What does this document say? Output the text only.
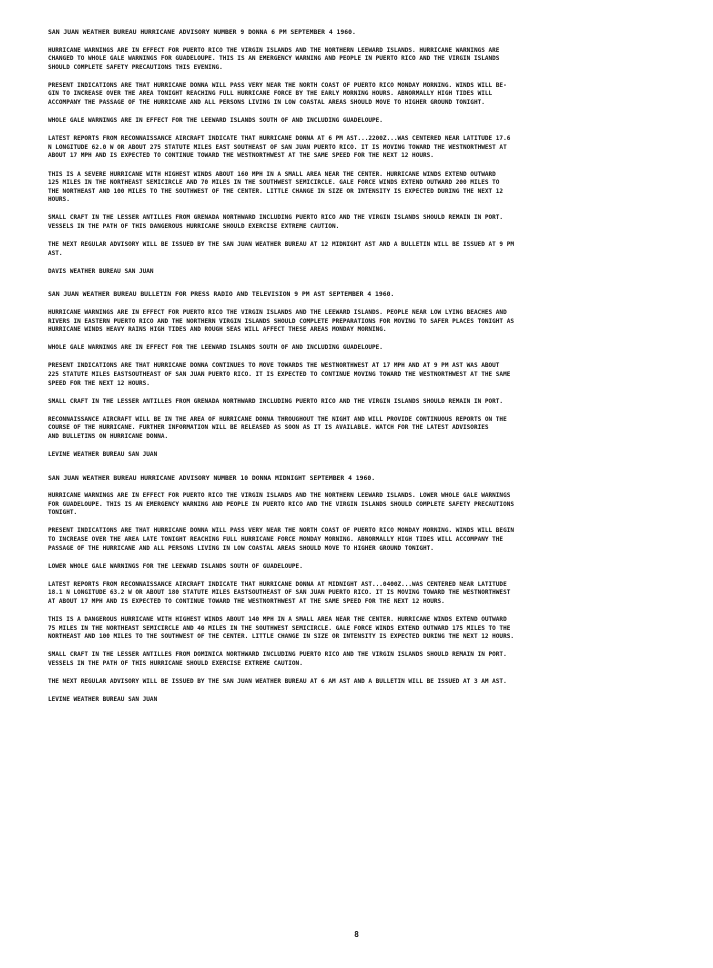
SAN JUAN WEATHER BUREAU HURRICANE ADVISORY NUMBER 9 DONNA 6 PM SEPTEMBER 4 1960.
HURRICANE WARNINGS ARE IN EFFECT FOR PUERTO RICO THE VIRGIN ISLANDS AND THE NORTHERN LEEWARD ISLANDS. HURRICANE WARNINGS ARE
CHANGED TO WHOLE GALE WARNINGS FOR GUADELOUPE. THIS IS AN EMERGENCY WARNING AND PEOPLE IN PUERTO RICO AND THE VIRGIN ISLANDS
SHOULD COMPLETE SAFETY PRECAUTIONS THIS EVENING.
PRESENT INDICATIONS ARE THAT HURRICANE DONNA WILL PASS VERY NEAR THE NORTH COAST OF PUERTO RICO MONDAY MORNING. WINDS WILL BE-
GIN TO INCREASE OVER THE AREA TONIGHT REACHING FULL HURRICANE FORCE BY THE EARLY MORNING HOURS. ABNORMALLY HIGH TIDES WILL
ACCOMPANY THE PASSAGE OF THE HURRICANE AND ALL PERSONS LIVING IN LOW COASTAL AREAS SHOULD MOVE TO HIGHER GROUND TONIGHT.
WHOLE GALE WARNINGS ARE IN EFFECT FOR THE LEEWARD ISLANDS SOUTH OF AND INCLUDING GUADELOUPE.
LATEST REPORTS FROM RECONNAISSANCE AIRCRAFT INDICATE THAT HURRICANE DONNA AT 6 PM AST...2200Z...WAS CENTERED NEAR LATITUDE 17.6
N LONGITUDE 62.0 W OR ABOUT 275 STATUTE MILES EAST SOUTHEAST OF SAN JUAN PUERTO RICO. IT IS MOVING TOWARD THE WESTNORTHWEST AT
ABOUT 17 MPH AND IS EXPECTED TO CONTINUE TOWARD THE WESTNORTHWEST AT THE SAME SPEED FOR THE NEXT 12 HOURS.
THIS IS A SEVERE HURRICANE WITH HIGHEST WINDS ABOUT 160 MPH IN A SMALL AREA NEAR THE CENTER. HURRICANE WINDS EXTEND OUTWARD
125 MILES IN THE NORTHEAST SEMICIRCLE AND 70 MILES IN THE SOUTHWEST SEMICIRCLE. GALE FORCE WINDS EXTEND OUTWARD 200 MILES TO
THE NORTHEAST AND 100 MILES TO THE SOUTHWEST OF THE CENTER. LITTLE CHANGE IN SIZE OR INTENSITY IS EXPECTED DURING THE NEXT 12
HOURS.
SMALL CRAFT IN THE LESSER ANTILLES FROM GRENADA NORTHWARD INCLUDING PUERTO RICO AND THE VIRGIN ISLANDS SHOULD REMAIN IN PORT.
VESSELS IN THE PATH OF THIS DANGEROUS HURRICANE SHOULD EXERCISE EXTREME CAUTION.
THE NEXT REGULAR ADVISORY WILL BE ISSUED BY THE SAN JUAN WEATHER BUREAU AT 12 MIDNIGHT AST AND A BULLETIN WILL BE ISSUED AT 9 PM
AST.
DAVIS WEATHER BUREAU SAN JUAN
SAN JUAN WEATHER BUREAU BULLETIN FOR PRESS RADIO AND TELEVISION 9 PM AST SEPTEMBER 4 1960.
HURRICANE WARNINGS ARE IN EFFECT FOR PUERTO RICO THE VIRGIN ISLANDS AND THE LEEWARD ISLANDS. PEOPLE NEAR LOW LYING BEACHES AND
RIVERS IN EASTERN PUERTO RICO AND THE NORTHERN VIRGIN ISLANDS SHOULD COMPLETE PREPARATIONS FOR MOVING TO SAFER PLACES TONIGHT AS
HURRICANE WINDS HEAVY RAINS HIGH TIDES AND ROUGH SEAS WILL AFFECT THESE AREAS MONDAY MORNING.
WHOLE GALE WARNINGS ARE IN EFFECT FOR THE LEEWARD ISLANDS SOUTH OF AND INCLUDING GUADELOUPE.
PRESENT INDICATIONS ARE THAT HURRICANE DONNA CONTINUES TO MOVE TOWARDS THE WESTNORTHWEST AT 17 MPH AND AT 9 PM AST WAS ABOUT
225 STATUTE MILES EASTSOUTHEAST OF SAN JUAN PUERTO RICO. IT IS EXPECTED TO CONTINUE MOVING TOWARD THE WESTNORTHWEST AT THE SAME
SPEED FOR THE NEXT 12 HOURS.
SMALL CRAFT IN THE LESSER ANTILLES FROM GRENADA NORTHWARD INCLUDING PUERTO RICO AND THE VIRGIN ISLANDS SHOULD REMAIN IN PORT.
RECONNAISSANCE AIRCRAFT WILL BE IN THE AREA OF HURRICANE DONNA THROUGHOUT THE NIGHT AND WILL PROVIDE CONTINUOUS REPORTS ON THE
COURSE OF THE HURRICANE. FURTHER INFORMATION WILL BE RELEASED AS SOON AS IT IS AVAILABLE. WATCH FOR THE LATEST ADVISORIES
AND BULLETINS ON HURRICANE DONNA.
LEVINE WEATHER BUREAU SAN JUAN
SAN JUAN WEATHER BUREAU HURRICANE ADVISORY NUMBER 10 DONNA MIDNIGHT SEPTEMBER 4 1960.
HURRICANE WARNINGS ARE IN EFFECT FOR PUERTO RICO THE VIRGIN ISLANDS AND THE NORTHERN LEEWARD ISLANDS. LOWER WHOLE GALE WARNINGS
FOR GUADELOUPE. THIS IS AN EMERGENCY WARNING AND PEOPLE IN PUERTO RICO AND THE VIRGIN ISLANDS SHOULD COMPLETE SAFETY PRECAUTIONS
TONIGHT.
PRESENT INDICATIONS ARE THAT HURRICANE DONNA WILL PASS VERY NEAR THE NORTH COAST OF PUERTO RICO MONDAY MORNING. WINDS WILL BEGIN
TO INCREASE OVER THE AREA LATE TONIGHT REACHING FULL HURRICANE FORCE MONDAY MORNING. ABNORMALLY HIGH TIDES WILL ACCOMPANY THE
PASSAGE OF THE HURRICANE AND ALL PERSONS LIVING IN LOW COASTAL AREAS SHOULD MOVE TO HIGHER GROUND TONIGHT.
LOWER WHOLE GALE WARNINGS FOR THE LEEWARD ISLANDS SOUTH OF GUADELOUPE.
LATEST REPORTS FROM RECONNAISSANCE AIRCRAFT INDICATE THAT HURRICANE DONNA AT MIDNIGHT AST...0400Z...WAS CENTERED NEAR LATITUDE
18.1 N LONGITUDE 63.2 W OR ABOUT 180 STATUTE MILES EASTSOUTHEAST OF SAN JUAN PUERTO RICO. IT IS MOVING TOWARD THE WESTNORTHWEST
AT ABOUT 17 MPH AND IS EXPECTED TO CONTINUE TOWARD THE WESTNORTHWEST AT THE SAME SPEED FOR THE NEXT 12 HOURS.
THIS IS A DANGEROUS HURRICANE WITH HIGHEST WINDS ABOUT 140 MPH IN A SMALL AREA NEAR THE CENTER. HURRICANE WINDS EXTEND OUTWARD
75 MILES IN THE NORTHEAST SEMICIRCLE AND 40 MILES IN THE SOUTHWEST SEMICIRCLE. GALE FORCE WINDS EXTEND OUTWARD 175 MILES TO THE
NORTHEAST AND 100 MILES TO THE SOUTHWEST OF THE CENTER. LITTLE CHANGE IN SIZE OR INTENSITY IS EXPECTED DURING THE NEXT 12 HOURS.
SMALL CRAFT IN THE LESSER ANTILLES FROM DOMINICA NORTHWARD INCLUDING PUERTO RICO AND THE VIRGIN ISLANDS SHOULD REMAIN IN PORT.
VESSELS IN THE PATH OF THIS HURRICANE SHOULD EXERCISE EXTREME CAUTION.
THE NEXT REGULAR ADVISORY WILL BE ISSUED BY THE SAN JUAN WEATHER BUREAU AT 6 AM AST AND A BULLETIN WILL BE ISSUED AT 3 AM AST.
LEVINE WEATHER BUREAU SAN JUAN
8
